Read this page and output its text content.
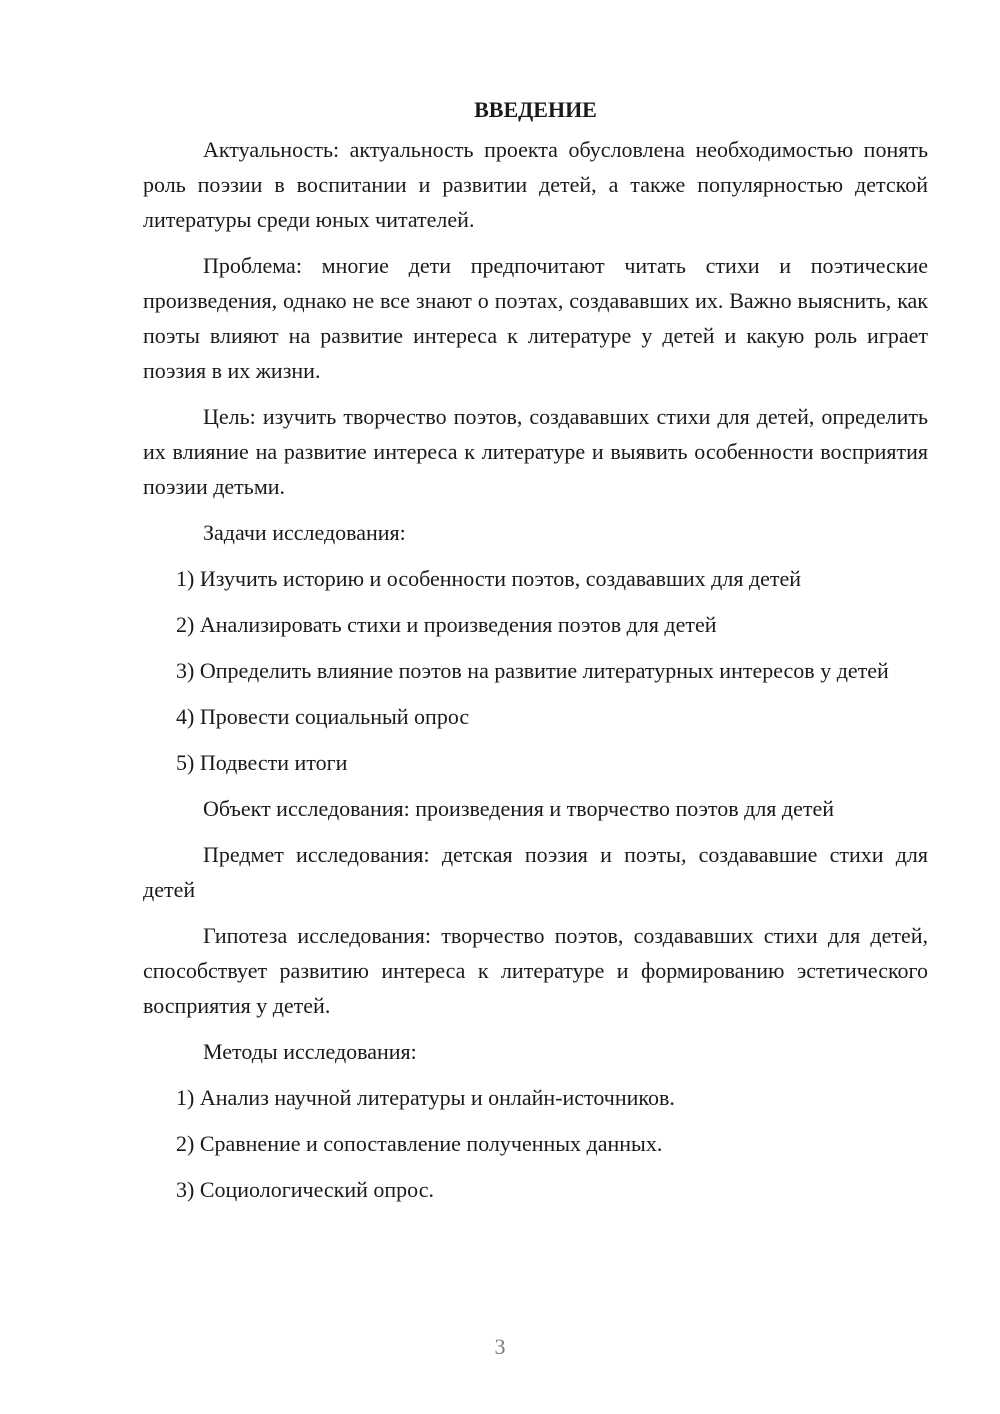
ВВЕДЕНИЕ

Актуальность: актуальность проекта обусловлена необходимостью понять роль поэзии в воспитании и развитии детей, а также популярностью детской литературы среди юных читателей.

Проблема: многие дети предпочитают читать стихи и поэтические произведения, однако не все знают о поэтах, создававших их. Важно выяснить, как поэты влияют на развитие интереса к литературе у детей и какую роль играет поэзия в их жизни.

Цель: изучить творчество поэтов, создававших стихи для детей, определить их влияние на развитие интереса к литературе и выявить особенности восприятия поэзии детьми.

Задачи исследования:

1) Изучить историю и особенности поэтов, создававших для детей

2) Анализировать стихи и произведения поэтов для детей

3) Определить влияние поэтов на развитие литературных интересов у детей

4) Провести социальный опрос

5) Подвести итоги

Объект исследования: произведения и творчество поэтов для детей

Предмет исследования: детская поэзия и поэты, создававшие стихи для детей

Гипотеза исследования: творчество поэтов, создававших стихи для детей, способствует развитию интереса к литературе и формированию эстетического восприятия у детей.

Методы исследования:

1) Анализ научной литературы и онлайн-источников.

2) Сравнение и сопоставление полученных данных.

3) Социологический опрос.

3
